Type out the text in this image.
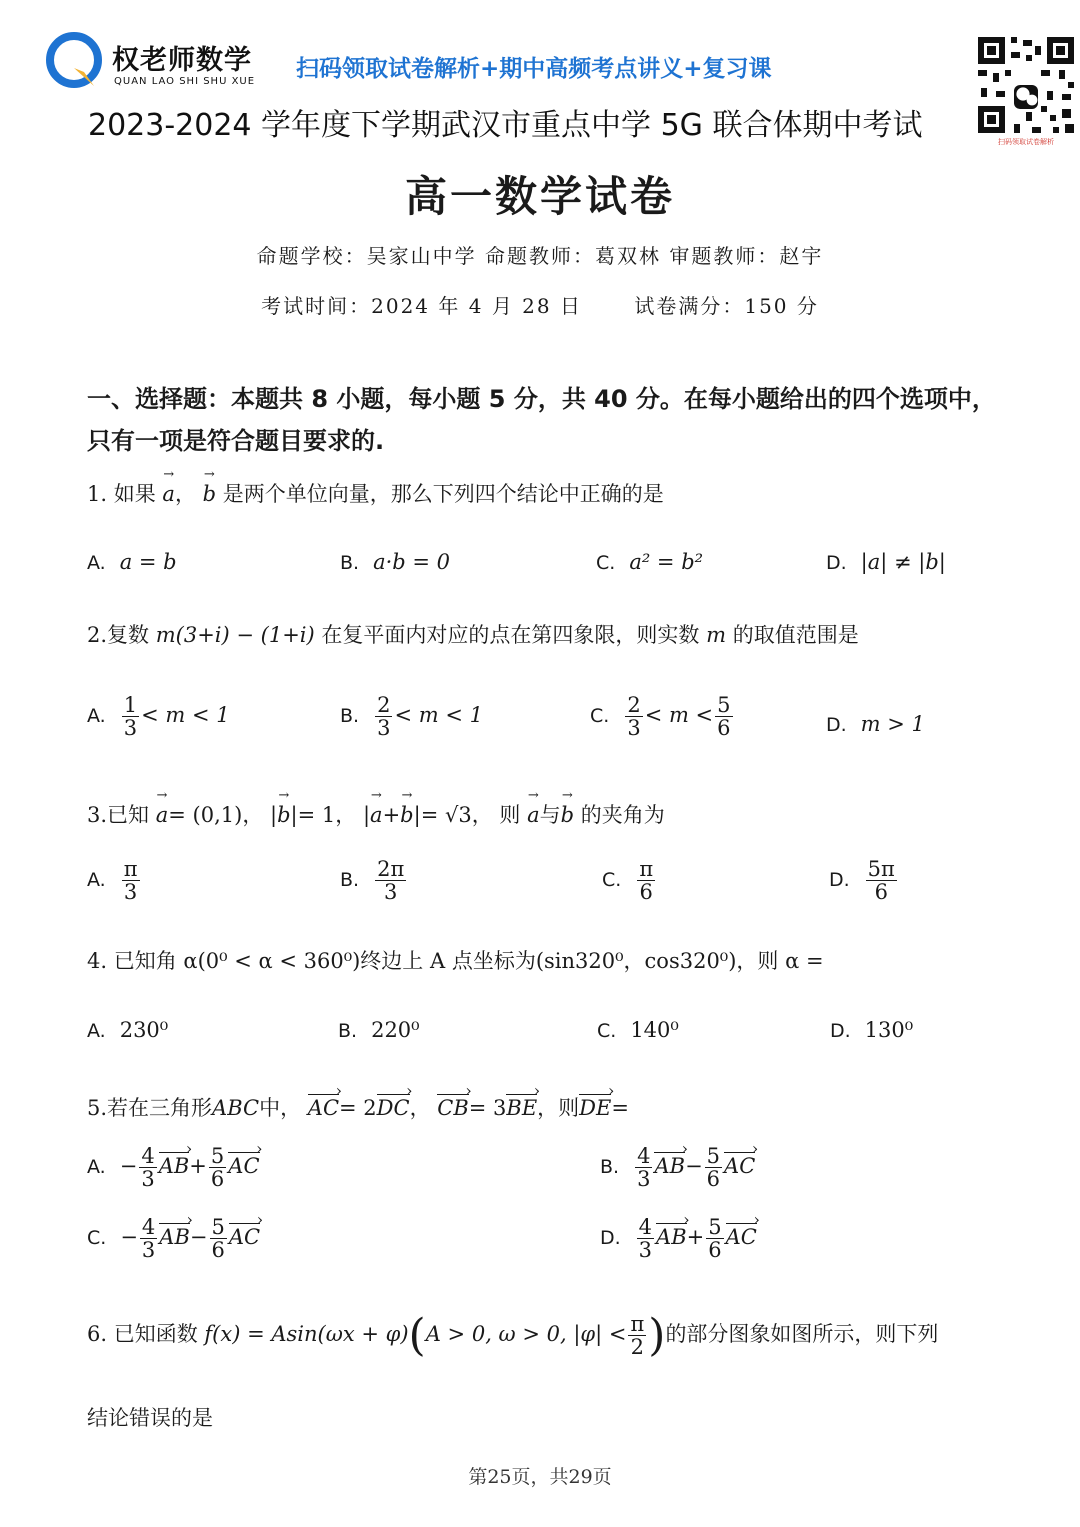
权老师数学
QUAN LAO SHI SHU XUE 扫码领取试卷解析+期中高频考点讲义+复习课
扫码领取试卷解析
2023-2024 学年度下学期武汉市重点中学 5G 联合体期中考试
高一数学试卷
命题学校：吴家山中学 命题教师：葛双林 审题教师：赵宇
考试时间：2024 年 4 月 28 日	试卷满分：150 分
一、选择题：本题共 8 小题，每小题 5 分，共 40 分。在每小题给出的四个选项中，只有一项是符合题目要求的.
1. 如果 → a， → b 是两个单位向量，那么下列四个结论中正确的是
A. a = b	B. a·b = 0	C. a² = b²	D. |a| ≠ |b|
2.复数 m(3+i) − (1+i) 在复平面内对应的点在第四象限，则实数 m 的取值范围是
A. $\frac{1}{3} < m < 1$	B. $\frac{2}{3} < m < 1$	C. $\frac{2}{3} < m < \frac{5}{6}$	D. m > 1
3.已知 → a= (0,1)， |→ b|= 1， |→ a+→ b|= √3， 则 → a与→ b 的夹角为
A. $\frac{\pi}{3}$	B. $\frac{2\pi}{3}$	C. $\frac{\pi}{6}$	D. $\frac{5\pi}{6}$
4. 已知角 α(0⁰ < α < 360⁰)终边上 A 点坐标为(sin320⁰，cos320⁰)，则 α =
A. 230⁰	B. 220⁰	C. 140⁰	D. 130⁰
5.若在三角形ABC中， › AC= 2› DC， › CB= 3› BE，则› DE=
A. − $\frac{4}{3}$ › $AB+ \frac{5}{6}$ › AC	B. $\frac{4}{3}$ › $AB- \frac{5}{6}$ › AC
C. − $\frac{4}{3}$ › $AB- \frac{5}{6}$ › AC	D. $\frac{4}{3}$ › $AB+ \frac{5}{6}$ › AC
6. 已知函数 f(x) = Asin(ωx + φ)(A > 0, ω > 0, $|\varphi| < \frac{\pi}{2}$ )的部分图象如图所示，则下列
结论错误的是
第25页，共29页
